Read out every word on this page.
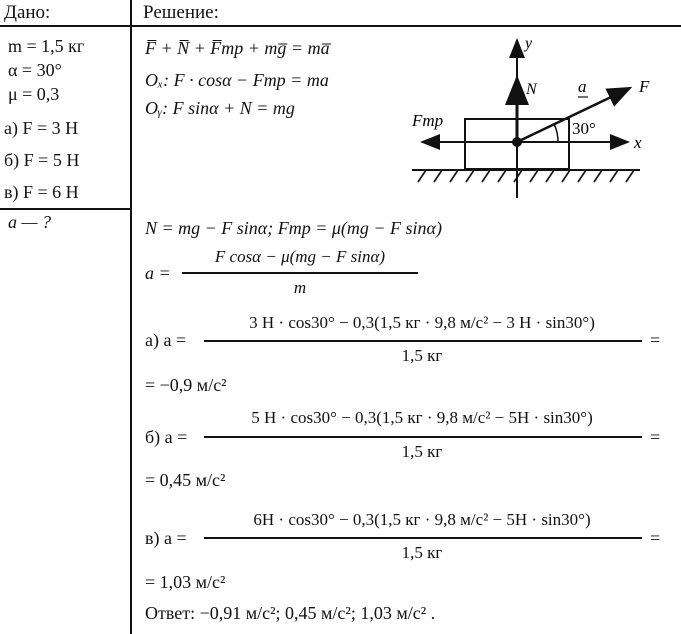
Дано:	Решение:
m = 1,5 кг
α = 30°
μ = 0,3
а) F = 3 Н
б) F = 5 Н
в) F = 6 Н
a — ?
F̅ + N̅ + F̅тр + mg̅ = ma̅
Oₓ: F · cosα − Fтр = ma
Oᵧ: F sinα + N = mg
y
x
N a	F
Fтр	30°
N = mg − F sinα; Fтр = μ(mg − F sinα)
a =
F cosα − μ(mg − F sinα)
m
а) a =
3 Н · cos30° − 0,3(1,5 кг · 9,8 м/с² − 3 Н · sin30°)
1,5 кг
=
= −0,9 м/с²
б) a =
5 Н · cos30° − 0,3(1,5 кг · 9,8 м/с² − 5Н · sin30°)
1,5 кг
=
= 0,45 м/с²
в) a =
6Н · cos30° − 0,3(1,5 кг · 9,8 м/с² − 5Н · sin30°)
1,5 кг
=
= 1,03 м/с²
Ответ: −0,91 м/с²; 0,45 м/с²; 1,03 м/с² .
